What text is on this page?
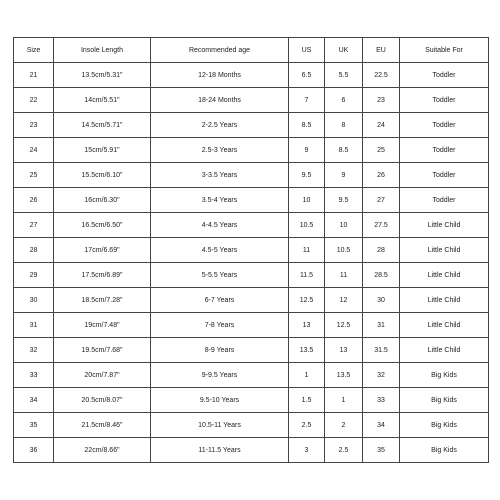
Size	Insole Length	Recommended age	US	UK	EU	Suitable For
21	13.5cm/5.31"	12-18 Months	6.5	5.5	22.5	Toddler
22	14cm/5.51"	18-24 Months	7	6	23	Toddler
23	14.5cm/5.71"	2-2.5 Years	8.5	8	24	Toddler
24	15cm/5.91"	2.5-3 Years	9	8.5	25	Toddler
25	15.5cm/6.10"	3-3.5 Years	9.5	9	26	Toddler
26	16cm/6.30"	3.5-4 Years	10	9.5	27	Toddler
27	16.5cm/6.50"	4-4.5 Years	10.5	10	27.5	Little Child
28	17cm/6.69"	4.5-5 Years	11	10.5	28	Little Child
29	17.5cm/6.89"	5-5.5 Years	11.5	11	28.5	Little Child
30	18.5cm/7.28"	6-7 Years	12.5	12	30	Little Child
31	19cm/7.48"	7-8 Years	13	12.5	31	Little Child
32	19.5cm/7.68"	8-9 Years	13.5	13	31.5	Little Child
33	20cm/7.87"	9-9.5 Years	1	13.5	32	Big Kids
34	20.5cm/8.07"	9.5-10 Years	1.5	1	33	Big Kids
35	21.5cm/8.46"	10.5-11 Years	2.5	2	34	Big Kids
36	22cm/8.66"	11-11.5 Years	3	2.5	35	Big Kids
